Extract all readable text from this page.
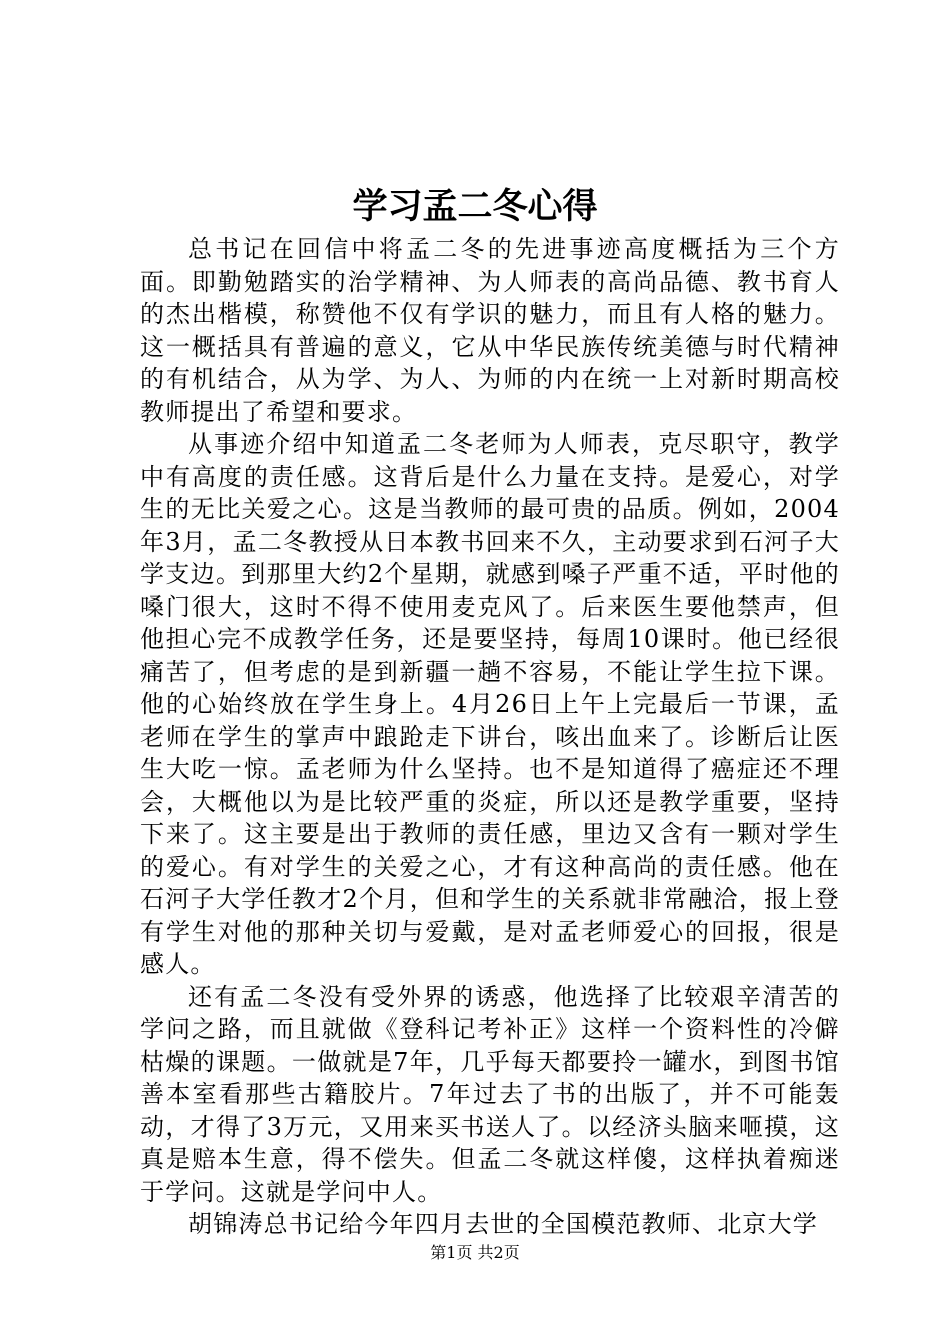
学习孟二冬心得

总书记在回信中将孟二冬的先进事迹高度概括为三个方面。即勤勉踏实的治学精神、为人师表的高尚品德、教书育人的杰出楷模，称赞他不仅有学识的魅力，而且有人格的魅力。这一概括具有普遍的意义，它从中华民族传统美德与时代精神的有机结合，从为学、为人、为师的内在统一上对新时期高校教师提出了希望和要求。

从事迹介绍中知道孟二冬老师为人师表，克尽职守，教学中有高度的责任感。这背后是什么力量在支持。是爱心，对学生的无比关爱之心。这是当教师的最可贵的品质。例如，2004年3月，孟二冬教授从日本教书回来不久，主动要求到石河子大学支边。到那里大约2个星期，就感到嗓子严重不适，平时他的嗓门很大，这时不得不使用麦克风了。后来医生要他禁声，但他担心完不成教学任务，还是要坚持，每周10课时。他已经很痛苦了，但考虑的是到新疆一趟不容易，不能让学生拉下课。他的心始终放在学生身上。4月26日上午上完最后一节课，孟老师在学生的掌声中踉跄走下讲台，咳出血来了。诊断后让医生大吃一惊。孟老师为什么坚持。也不是知道得了癌症还不理会，大概他以为是比较严重的炎症，所以还是教学重要，坚持下来了。这主要是出于教师的责任感，里边又含有一颗对学生的爱心。有对学生的关爱之心，才有这种高尚的责任感。他在石河子大学任教才2个月，但和学生的关系就非常融洽，报上登有学生对他的那种关切与爱戴，是对孟老师爱心的回报，很是感人。

还有孟二冬没有受外界的诱惑，他选择了比较艰辛清苦的学问之路，而且就做《登科记考补正》这样一个资料性的冷僻枯燥的课题。一做就是7年，几乎每天都要拎一罐水，到图书馆善本室看那些古籍胶片。7年过去了书的出版了，并不可能轰动，才得了3万元，又用来买书送人了。以经济头脑来咂摸，这真是赔本生意，得不偿失。但孟二冬就这样傻，这样执着痴迷于学问。这就是学问中人。

胡锦涛总书记给今年四月去世的全国模范教师、北京大学

第1页 共2页
